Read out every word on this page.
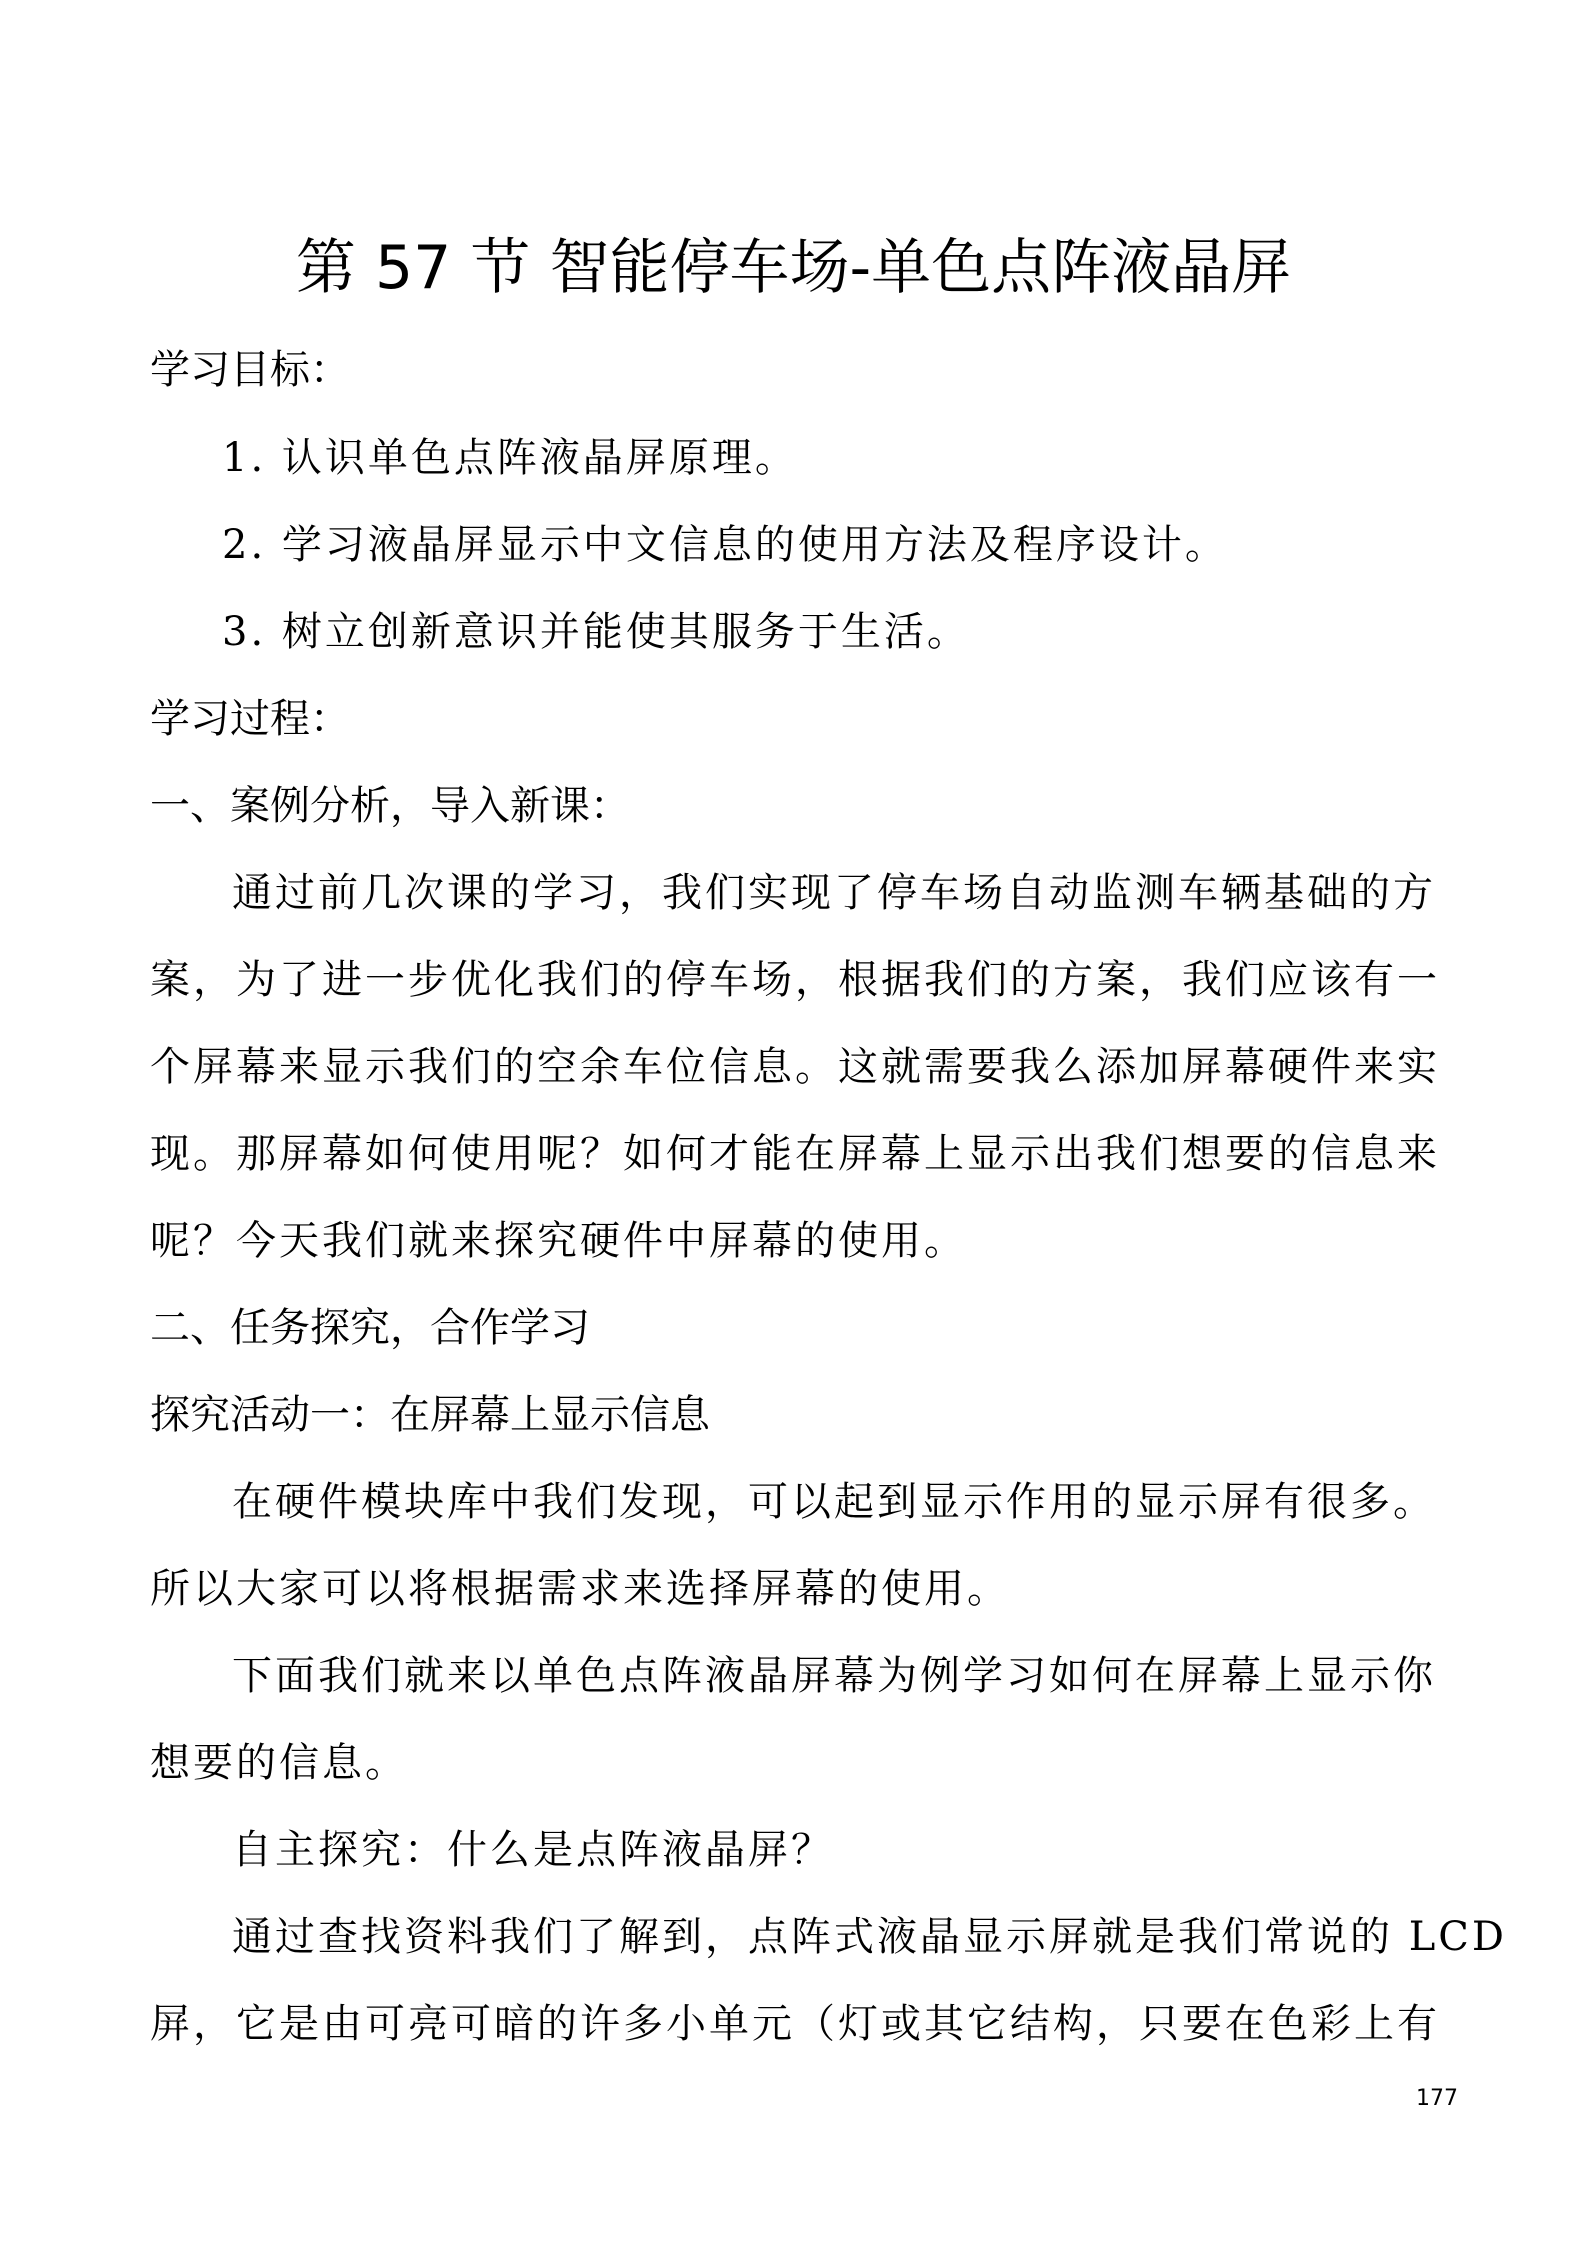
第 57 节 智能停车场-单色点阵液晶屏
学习目标：
1. 认识单色点阵液晶屏原理。
2. 学习液晶屏显示中文信息的使用方法及程序设计。
3. 树立创新意识并能使其服务于生活。
学习过程：
一、案例分析，导入新课：
通过前几次课的学习，我们实现了停车场自动监测车辆基础的方
案，为了进一步优化我们的停车场，根据我们的方案，我们应该有一
个屏幕来显示我们的空余车位信息。这就需要我么添加屏幕硬件来实
现。那屏幕如何使用呢？如何才能在屏幕上显示出我们想要的信息来
呢？今天我们就来探究硬件中屏幕的使用。
二、任务探究，合作学习
探究活动一：在屏幕上显示信息
在硬件模块库中我们发现，可以起到显示作用的显示屏有很多。
所以大家可以将根据需求来选择屏幕的使用。
下面我们就来以单色点阵液晶屏幕为例学习如何在屏幕上显示你
想要的信息。
自主探究：什么是点阵液晶屏？
通过查找资料我们了解到，点阵式液晶显示屏就是我们常说的 LCD
屏，它是由可亮可暗的许多小单元（灯或其它结构，只要在色彩上有
177
